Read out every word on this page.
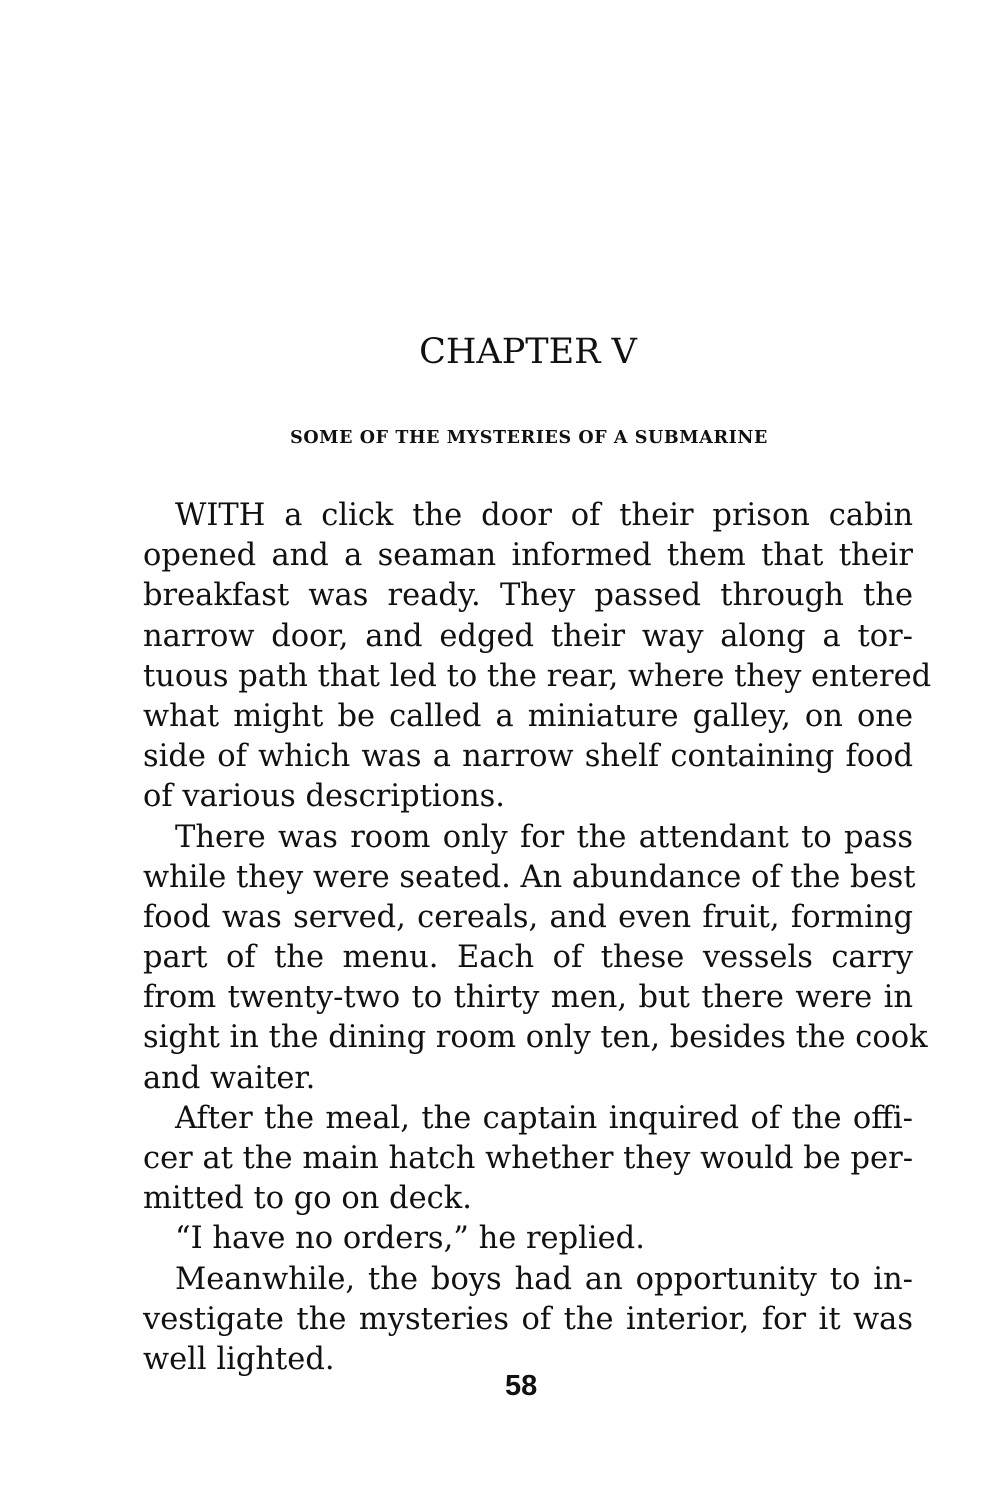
CHAPTER V
SOME OF THE MYSTERIES OF A SUBMARINE
WITH a click the door of their prison cabin
opened and a seaman informed them that their
breakfast was ready. They passed through the
narrow door, and edged their way along a tor-
tuous path that led to the rear, where they entered
what might be called a miniature galley, on one
side of which was a narrow shelf containing food
of various descriptions.
There was room only for the attendant to pass
while they were seated. An abundance of the best
food was served, cereals, and even fruit, forming
part of the menu. Each of these vessels carry
from twenty-two to thirty men, but there were in
sight in the dining room only ten, besides the cook
and waiter.
After the meal, the captain inquired of the offi-
cer at the main hatch whether they would be per-
mitted to go on deck.
“I have no orders,” he replied.
Meanwhile, the boys had an opportunity to in-
vestigate the mysteries of the interior, for it was
well lighted.
58
